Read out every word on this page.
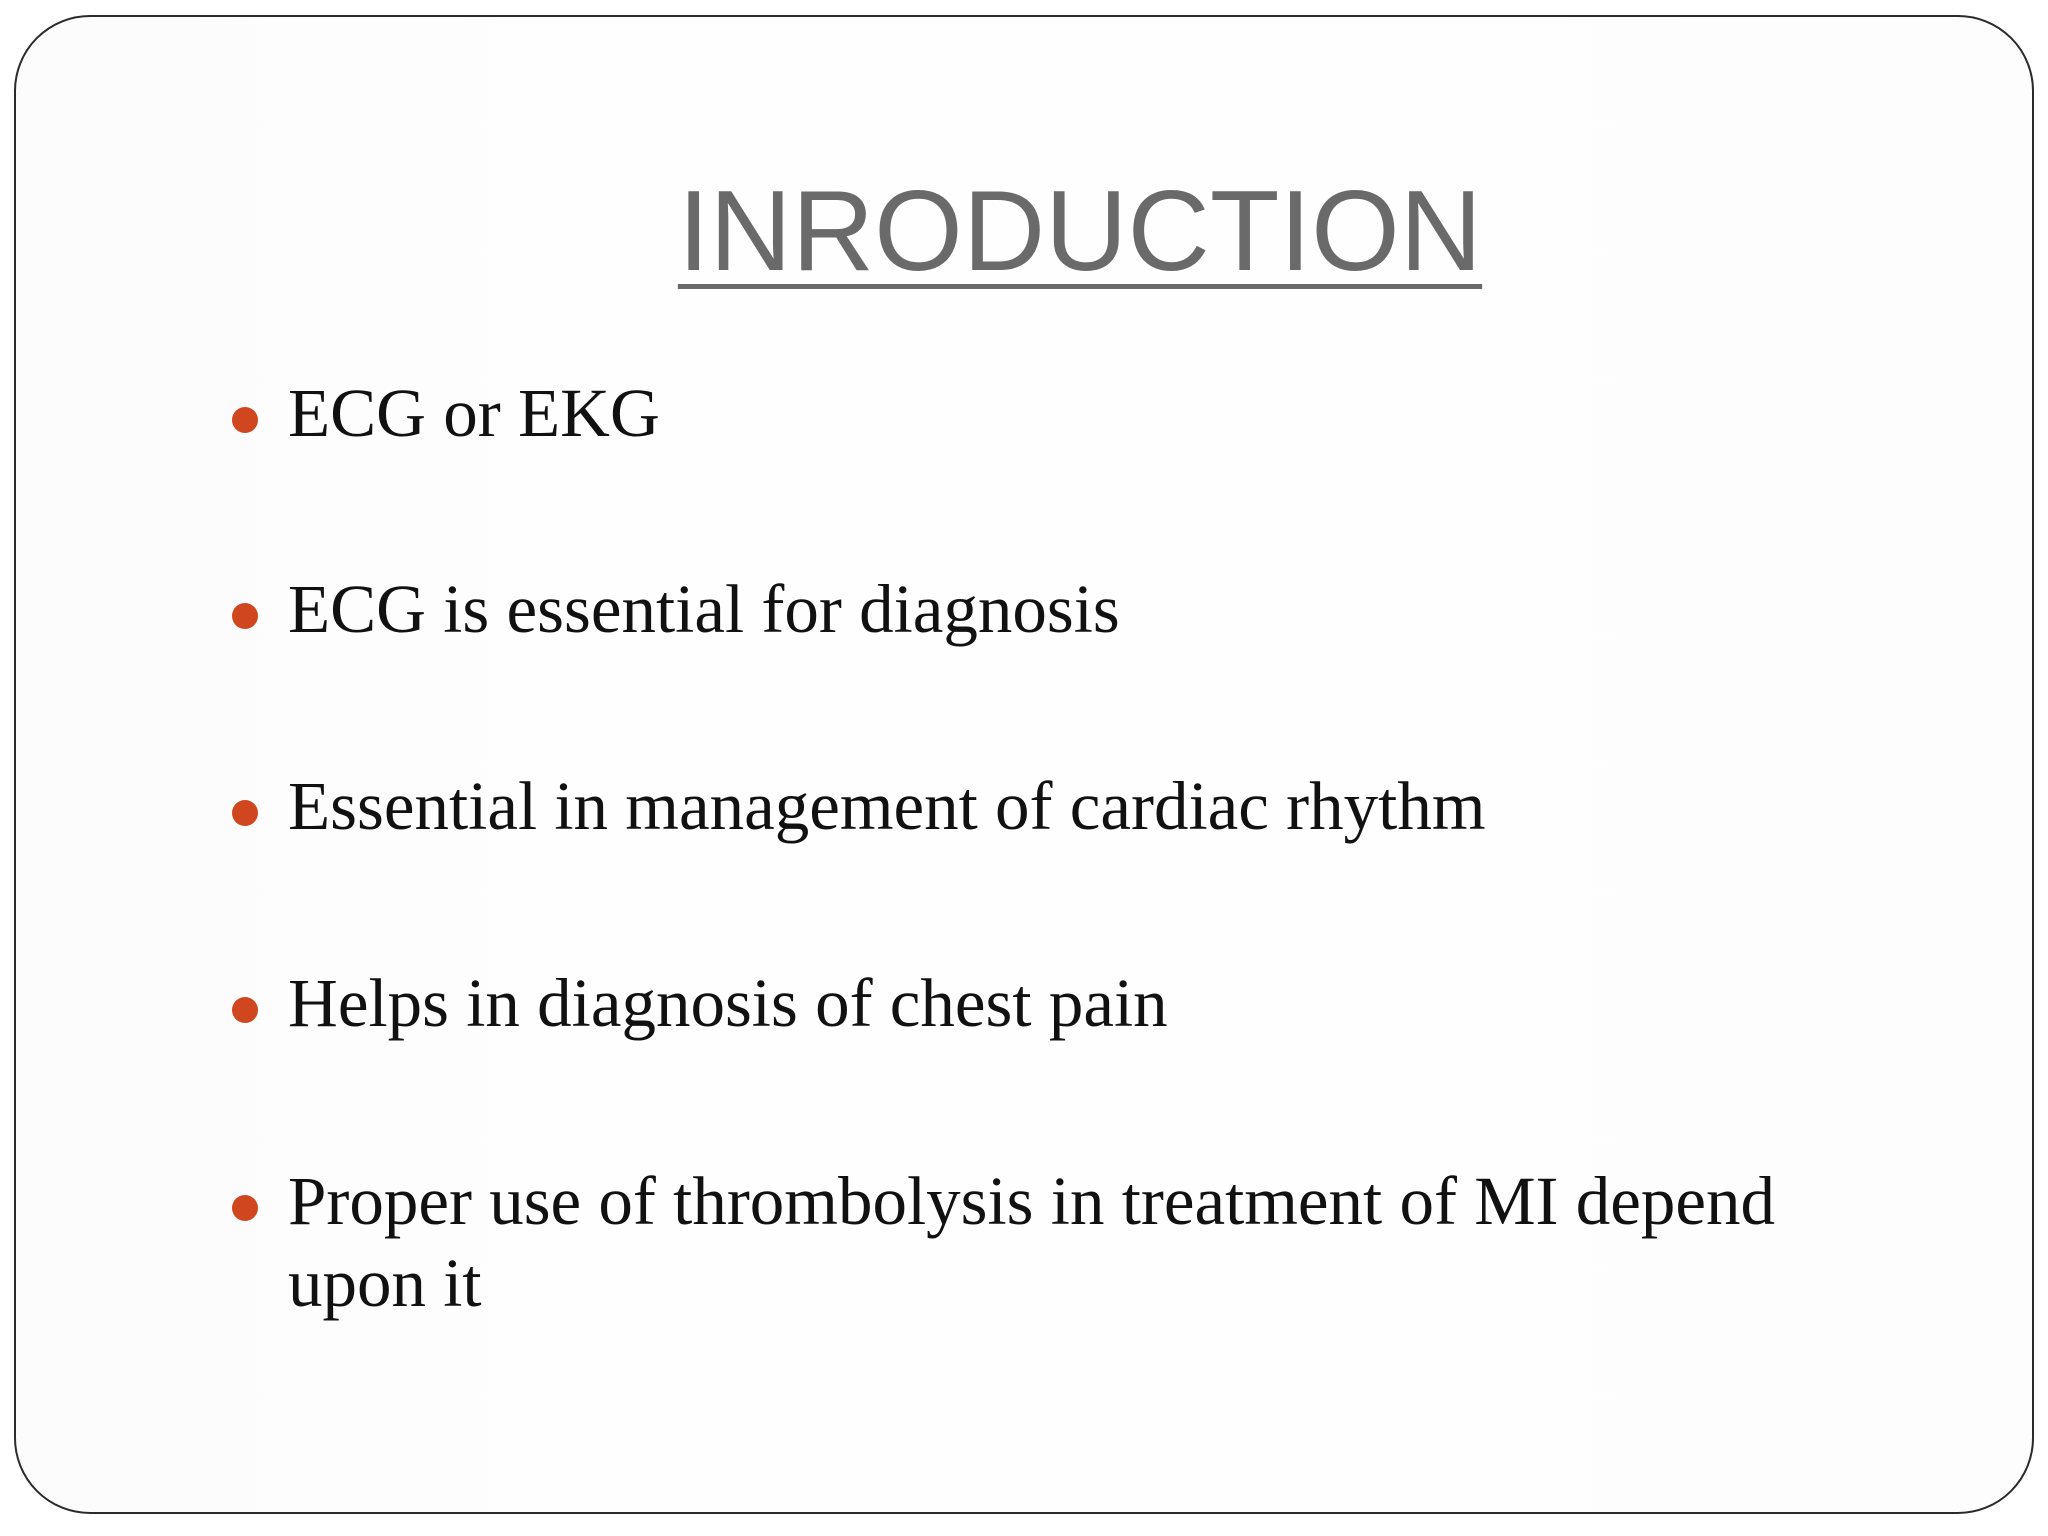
INRODUCTION
ECG or EKG
ECG is essential for diagnosis
Essential in management of cardiac rhythm
Helps in diagnosis of chest pain
Proper use of thrombolysis in treatment of MI depend upon it
